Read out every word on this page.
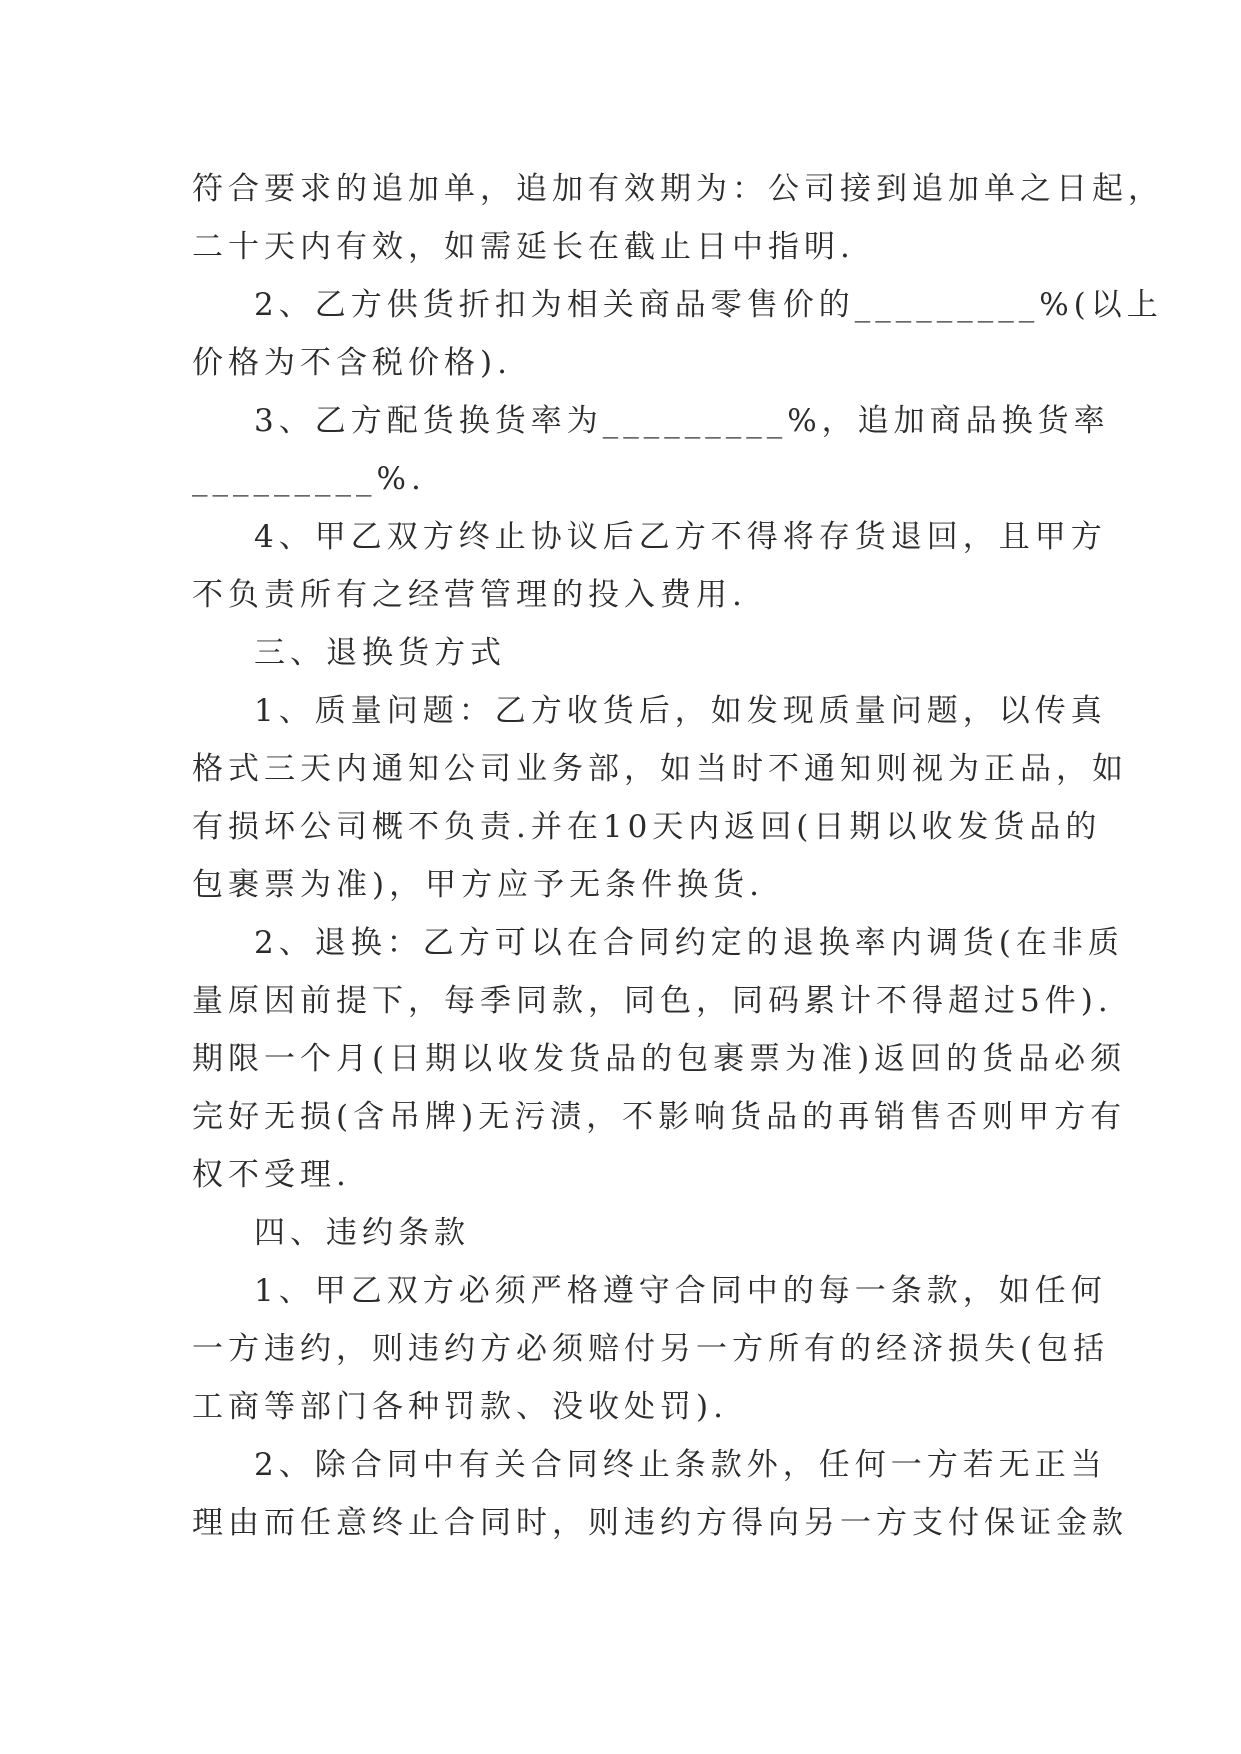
符合要求的追加单，追加有效期为：公司接到追加单之日起，
二十天内有效，如需延长在截止日中指明.
2、乙方供货折扣为相关商品零售价的_________%(以上
价格为不含税价格).
3、乙方配货换货率为_________%，追加商品换货率
_________%.
4、甲乙双方终止协议后乙方不得将存货退回，且甲方
不负责所有之经营管理的投入费用.
三、退换货方式
1、质量问题：乙方收货后，如发现质量问题，以传真
格式三天内通知公司业务部，如当时不通知则视为正品，如
有损坏公司概不负责.并在10天内返回(日期以收发货品的
包裹票为准)，甲方应予无条件换货.
2、退换：乙方可以在合同约定的退换率内调货(在非质
量原因前提下，每季同款，同色，同码累计不得超过5件).
期限一个月(日期以收发货品的包裹票为准)返回的货品必须
完好无损(含吊牌)无污渍，不影响货品的再销售否则甲方有
权不受理.
四、违约条款
1、甲乙双方必须严格遵守合同中的每一条款，如任何
一方违约，则违约方必须赔付另一方所有的经济损失(包括
工商等部门各种罚款、没收处罚).
2、除合同中有关合同终止条款外，任何一方若无正当
理由而任意终止合同时，则违约方得向另一方支付保证金款
